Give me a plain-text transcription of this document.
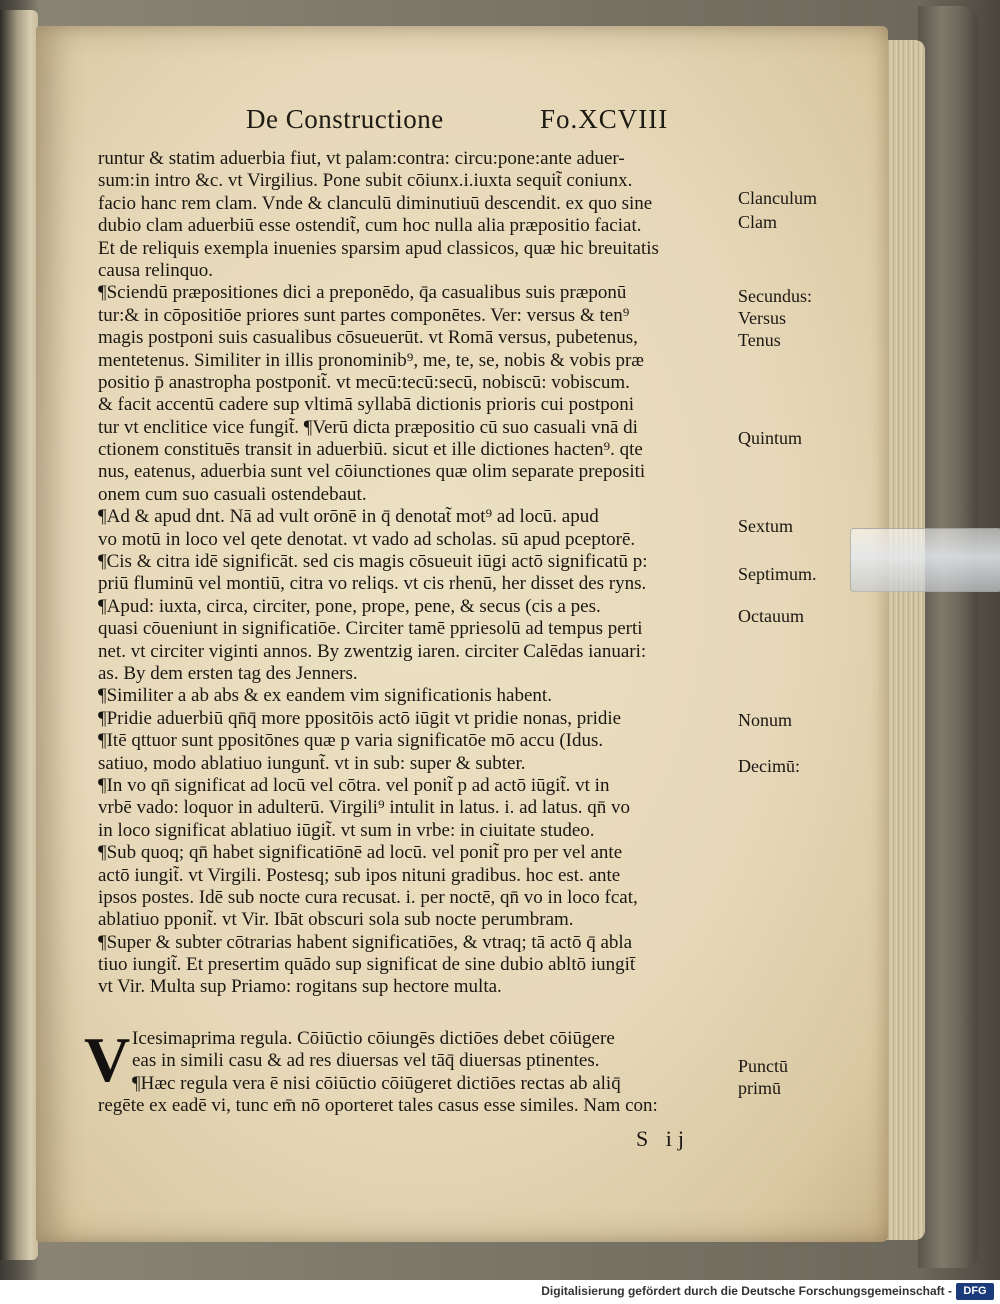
De Constructione	Fo.XCVIII
runtur & statim aduerbia fiut, vt palam:contra: circu:pone:ante aduer-
sum:in intro &c. vt Virgilius. Pone subit cōiunx.i.iuxta sequit̃ coniunx.
facio hanc rem clam. Vnde & clanculū diminutiuū descendit. ex quo sine
dubio clam aduerbiū esse ostendit̃, cum hoc nulla alia præpositio faciat.
Et de reliquis exempla inuenies sparsim apud classicos, quæ hic breuitatis
causa relinquo.
¶Sciendū præpositiones dici a preponēdo, q̄a casualibus suis præponū
tur:& in cōpositiōe priores sunt partes componētes. Ver: versus & ten⁹
magis postponi suis casualibus cōsueuerūt. vt Romā versus, pubetenus,
mentetenus. Similiter in illis pronominib⁹, me, te, se, nobis & vobis præ
positio p̄ anastropha postponit̃. vt mecū:tecū:secū, nobiscū: vobiscum.
& facit accentū cadere sup vltimā syllabā dictionis prioris cui postponi
tur vt enclitice vice fungit̃. ¶Verū dicta præpositio cū suo casuali vnā di
ctionem constituēs transit in aduerbiū. sicut et ille dictiones hacten⁹. qte
nus, eatenus, aduerbia sunt vel cōiunctiones quæ olim separate prepositi
onem cum suo casuali ostendebaut.
¶Ad & apud dnt. Nā ad vult orōnē in q̄ denotat̃ mot⁹ ad locū. apud
vo motū in loco vel qete denotat. vt vado ad scholas. sū apud pceptorē.
¶Cis & citra idē significāt. sed cis magis cōsueuit iūgi actō significatū p:
priū fluminū vel montiū, citra vo reliqs. vt cis rhenū, her disset des ryns.
¶Apud: iuxta, circa, circiter, pone, prope, pene, & secus (cis a pes.
quasi cōueniunt in significatiōe. Circiter tamē ppriesolū ad tempus perti
net. vt circiter viginti annos. By zwentzig iaren. circiter Calēdas ianuari:
as. By dem ersten tag des Jenners.
¶Similiter a ab abs & ex eandem vim significationis habent.
¶Pridie aduerbiū qn̄q̄ more ppositōis actō iūgit vt pridie nonas, pridie
¶Itē qttuor sunt ppositōnes quæ p varia significatōe mō accu (Idus.
satiuo, modo ablatiuo iungunt̃. vt in sub: super & subter.
¶In vo qn̄ significat ad locū vel cōtra. vel ponit̃ p ad actō iūgit̃. vt in
vrbē vado: loquor in adulterū. Virgili⁹ intulit in latus. i. ad latus. qn̄ vo
in loco significat ablatiuo iūgit̃. vt sum in vrbe: in ciuitate studeo.
¶Sub quoq; qn̄ habet significatiōnē ad locū. vel ponit̃ pro per vel ante
actō iungit̃. vt Virgili. Postesq; sub ipos nituni gradibus. hoc est. ante
ipsos postes. Idē sub nocte cura recusat. i. per noctē, qn̄ vo in loco fcat,
ablatiuo pponit̃. vt Vir. Ibāt obscuri sola sub nocte perumbram.
¶Super & subter cōtrarias habent significatiōes, & vtraq; tā actō q̄ abla
tiuo iungit̃. Et presertim quādo sup significat de sine dubio abltō iungit̄
vt Vir. Multa sup Priamo: rogitans sup hectore multa.
V Icesimaprima regula. Cōiūctio cōiungēs dictiōes debet cōiūgere
eas in simili casu & ad res diuersas vel tāq̄ diuersas ptinentes.
¶Hæc regula vera ē nisi cōiūctio cōiūgeret dictiōes rectas ab aliq̄
regēte ex eadē vi, tunc em̄ nō oporteret tales casus esse similes. Nam con:
S ij
Clanculum
Clam
Secundus:
Versus
Tenus
Quintum
Sextum
Septimum.
Octauum
Nonum
Decimū:
Punctū
primū
Digitalisierung gefördert durch die Deutsche Forschungsgemeinschaft -	DFG
